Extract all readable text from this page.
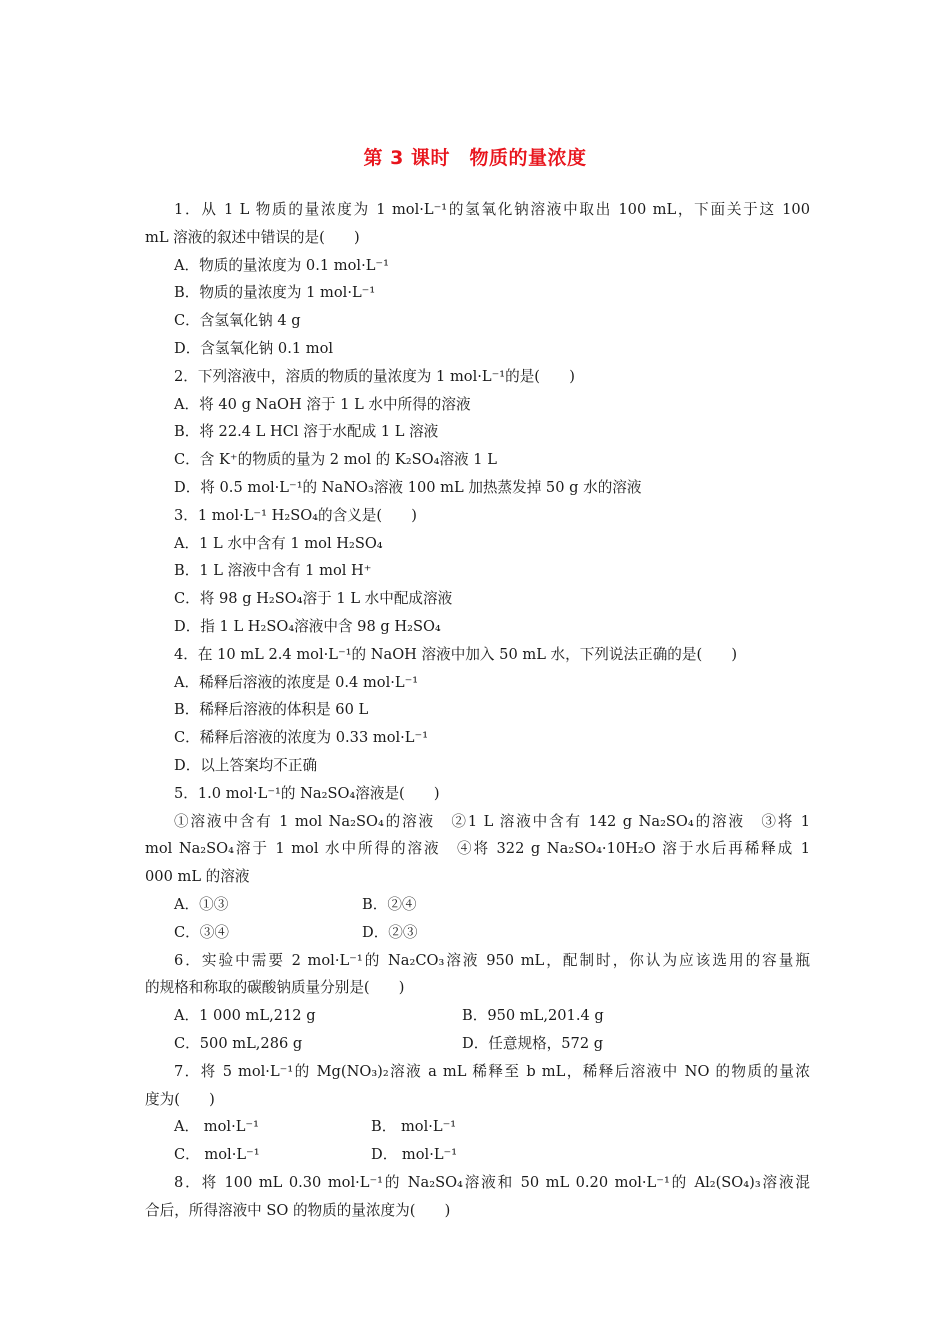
第 3 课时　物质的量浓度
1．从 1 L 物质的量浓度为 1 mol·L⁻¹的氢氧化钠溶液中取出 100 mL，下面关于这 100
mL 溶液的叙述中错误的是(　　)
A．物质的量浓度为 0.1 mol·L⁻¹
B．物质的量浓度为 1 mol·L⁻¹
C．含氢氧化钠 4 g
D．含氢氧化钠 0.1 mol
2．下列溶液中，溶质的物质的量浓度为 1 mol·L⁻¹的是(　　)
A．将 40 g NaOH 溶于 1 L 水中所得的溶液
B．将 22.4 L HCl 溶于水配成 1 L 溶液
C．含 K⁺的物质的量为 2 mol 的 K₂SO₄溶液 1 L
D．将 0.5 mol·L⁻¹的 NaNO₃溶液 100 mL 加热蒸发掉 50 g 水的溶液
3．1 mol·L⁻¹ H₂SO₄的含义是(　　)
A．1 L 水中含有 1 mol H₂SO₄
B．1 L 溶液中含有 1 mol H⁺
C．将 98 g H₂SO₄溶于 1 L 水中配成溶液
D．指 1 L H₂SO₄溶液中含 98 g H₂SO₄
4．在 10 mL 2.4 mol·L⁻¹的 NaOH 溶液中加入 50 mL 水，下列说法正确的是(　　)
A．稀释后溶液的浓度是 0.4 mol·L⁻¹
B．稀释后溶液的体积是 60 L
C．稀释后溶液的浓度为 0.33 mol·L⁻¹
D．以上答案均不正确
5．1.0 mol·L⁻¹的 Na₂SO₄溶液是(　　)
①溶液中含有 1 mol Na₂SO₄的溶液　②1 L 溶液中含有 142 g Na₂SO₄的溶液　③将 1
mol Na₂SO₄溶于 1 mol 水中所得的溶液　④将 322 g Na₂SO₄·10H₂O 溶于水后再稀释成 1
000 mL 的溶液
A．①③	B．②④
C．③④	D．②③
6．实验中需要 2 mol·L⁻¹的 Na₂CO₃溶液 950 mL，配制时，你认为应该选用的容量瓶
的规格和称取的碳酸钠质量分别是(　　)
A．1 000 mL,212 g	B．950 mL,201.4 g
C．500 mL,286 g	D．任意规格，572 g
7．将 5 mol·L⁻¹的 Mg(NO₃)₂溶液 a mL 稀释至 b mL，稀释后溶液中 NO 的物质的量浓
度为(　　)
A． mol·L⁻¹	B． mol·L⁻¹
C． mol·L⁻¹	D． mol·L⁻¹
8．将 100 mL 0.30 mol·L⁻¹的 Na₂SO₄溶液和 50 mL 0.20 mol·L⁻¹的 Al₂(SO₄)₃溶液混
合后，所得溶液中 SO 的物质的量浓度为(　　)
